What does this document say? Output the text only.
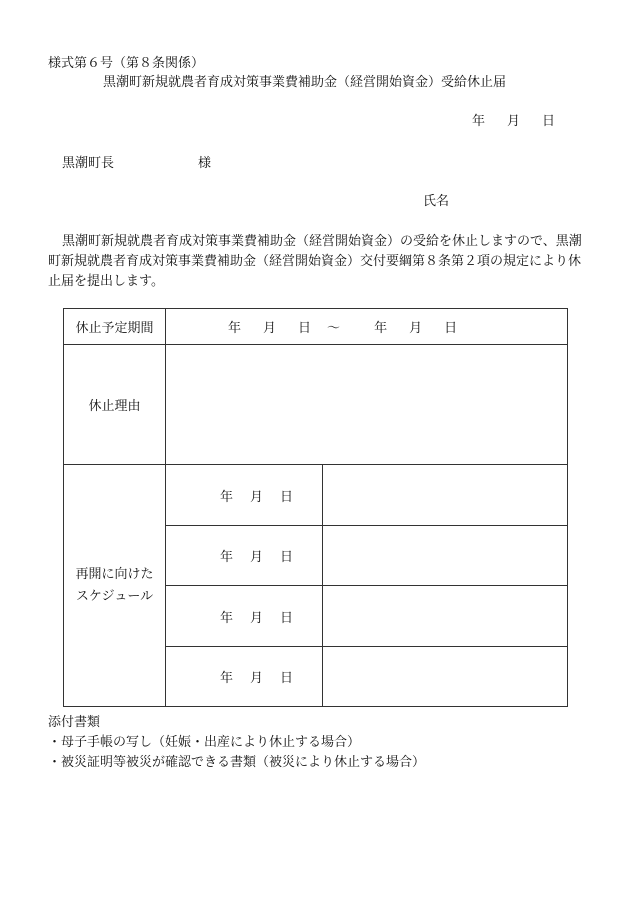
様式第６号（第８条関係）
黒潮町新規就農者育成対策事業費補助金（経営開始資金）受給休止届
年 月 日
黒潮町長	様
氏名
黒潮町新規就農者育成対策事業費補助金（経営開始資金）の受給を休止しますので、黒潮町新規就農者育成対策事業費補助金（経営開始資金）交付要綱第８条第２項の規定により休止届を提出します。
休止予定期間	年 月 日 ～ 年 月 日	
休止理由		
再開に向けたスケジュール	年 月 日	
	年 月 日	
	年 月 日	
	年 月 日	
添付書類
・母子手帳の写し（妊娠・出産により休止する場合）
・被災証明等被災が確認できる書類（被災により休止する場合）
